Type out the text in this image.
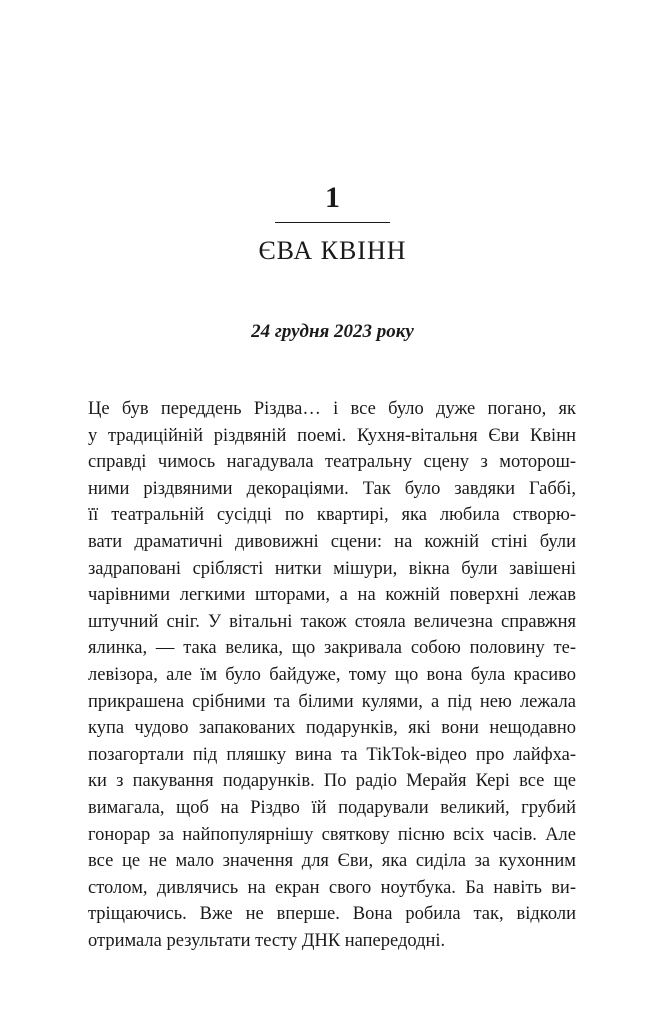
1
ЄВА КВІНН
24 грудня 2023 року
Це був переддень Різдва… і все було дуже погано, як
у традиційній різдвяній поемі. Кухня-вітальня Єви Квінн
справді чимось нагадувала театральну сцену з моторош-
ними різдвяними декораціями. Так було завдяки Габбі,
її театральній сусідці по квартирі, яка любила створю-
вати драматичні дивовижні сцени: на кожній стіні були
задраповані сріблясті нитки мішури, вікна були завішені
чарівними легкими шторами, а на кожній поверхні лежав
штучний сніг. У вітальні також стояла величезна справжня
ялинка, — така велика, що закривала собою половину те-
левізора, але їм було байдуже, тому що вона була красиво
прикрашена срібними та білими кулями, а під нею лежала
купа чудово запакованих подарунків, які вони нещодавно
позагортали під пляшку вина та TikTok-відео про лайфха-
ки з пакування подарунків. По радіо Мерайя Кері все ще
вимагала, щоб на Різдво їй подарували великий, грубий
гонорар за найпопулярнішу святкову пісню всіх часів. Але
все це не мало значення для Єви, яка сиділа за кухонним
столом, дивлячись на екран свого ноутбука. Ба навіть ви-
тріщаючись. Вже не вперше. Вона робила так, відколи
отримала результати тесту ДНК напередодні.
